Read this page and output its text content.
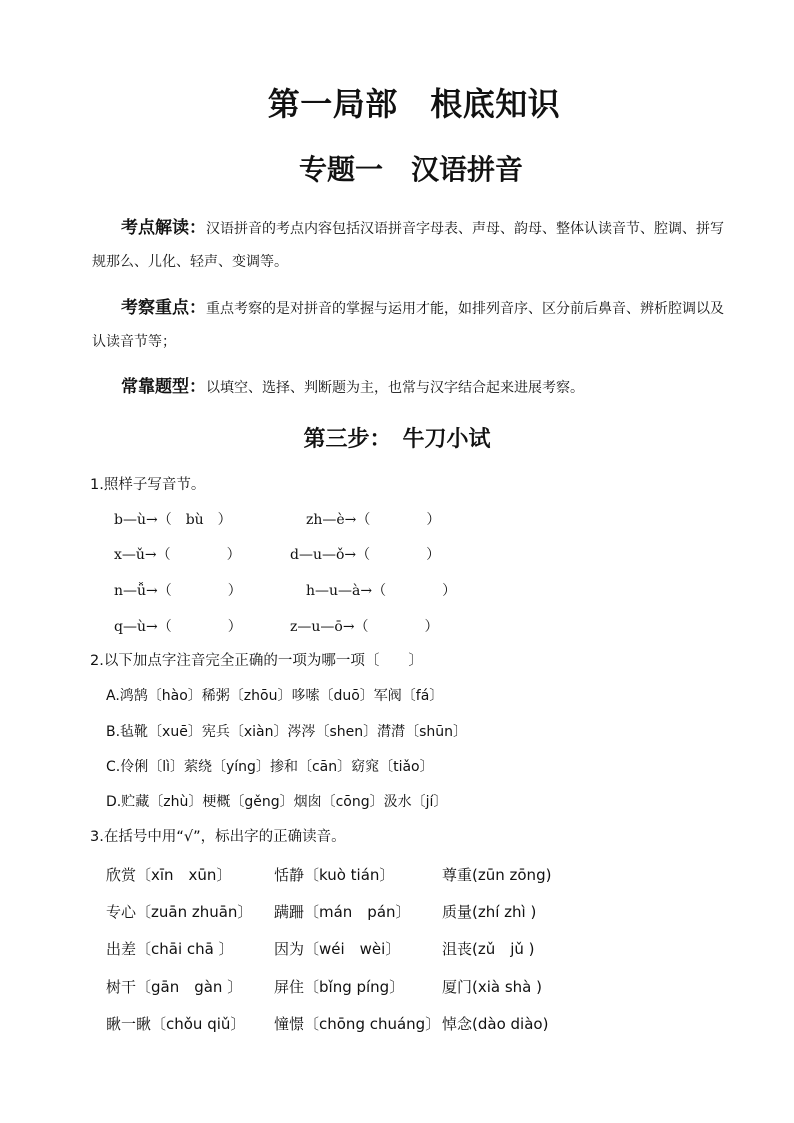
第一局部　根底知识
专题一　汉语拼音
考点解读：汉语拼音的考点内容包括汉语拼音字母表、声母、韵母、整体认读音节、腔调、拼写规那么、儿化、轻声、变调等。
考察重点：重点考察的是对拼音的掌握与运用才能，如排列音序、区分前后鼻音、辨析腔调以及认读音节等；
常靠题型：以填空、选择、判断题为主，也常与汉字结合起来进展考察。
第三步：　牛刀小试
1.照样子写音节。
b—ù→（　bù　）	zh—è→（　　　　）
x—ǔ→（　　　　）	d—u—ǒ→（　　　　）
n—ǚ→（　　　　）	h—u—à→（　　　　）
q—ù→（　　　　）	z—u—ō→（　　　　）
2.以下加点字注音完全正确的一项为哪一项〔　　〕
A.鸿鹄〔hào〕稀粥〔zhōu〕哆嗦〔duō〕军阀〔fá〕
B.毡靴〔xuē〕宪兵〔xiàn〕涔涔〔shen〕潸潸〔shūn〕
C.伶俐〔lì〕萦绕〔yíng〕掺和〔cān〕窈窕〔tiǎo〕
D.贮藏〔zhù〕梗概〔gěng〕烟囱〔cōng〕汲水〔jí〕
3.在括号中用“√”，标出字的正确读音。
欣赏〔xīn　xūn〕	恬静〔kuò tián〕	尊重(zūn zōng)
专心〔zuān zhuān〕 蹒跚〔mán　pán〕 质量(zhí zhì )
出差〔chāi chā 〕	因为〔wéi　wèi〕	沮丧(zǔ　jǔ )
树干〔gān　gàn 〕 屏住〔bǐng píng〕	厦门(xià shà )
瞅一瞅〔chǒu qiǔ〕 憧憬〔chōng chuáng〕 悼念(dào diào)
